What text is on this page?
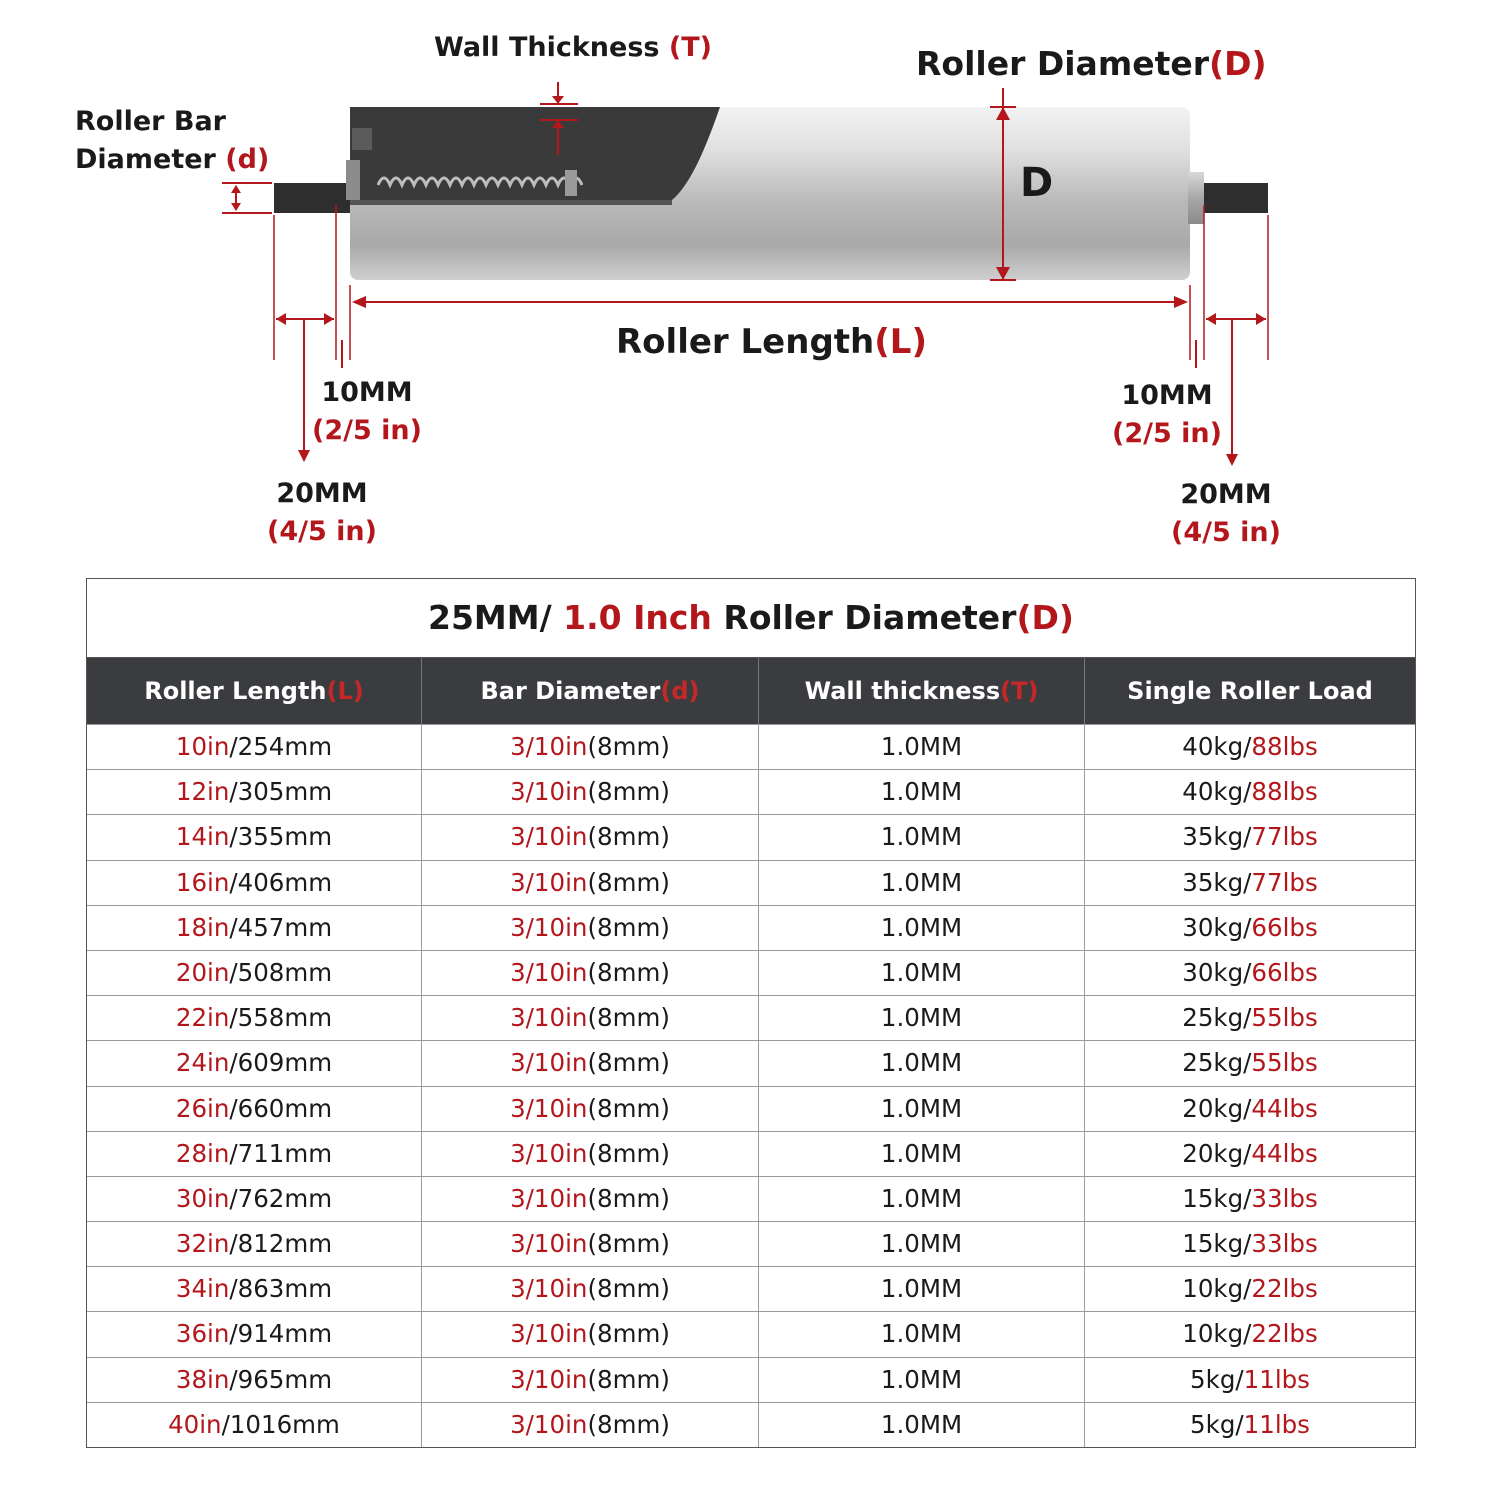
Wall Thickness (T)	Roller Diameter(D)
Roller Bar
Diameter (d)
D
Roller Length(L)
10MM
(2/5 in)
20MM
(4/5 in)
10MM
(2/5 in)
20MM
(4/5 in)
25MM/ 1.0 Inch Roller Diameter(D)
Roller Length(L)	Bar Diameter(d)	Wall thickness(T)	Single Roller Load
10in/254mm	3/10in(8mm)	1.0MM	40kg/88lbs
12in/305mm	3/10in(8mm)	1.0MM	40kg/88lbs
14in/355mm	3/10in(8mm)	1.0MM	35kg/77lbs
16in/406mm	3/10in(8mm)	1.0MM	35kg/77lbs
18in/457mm	3/10in(8mm)	1.0MM	30kg/66lbs
20in/508mm	3/10in(8mm)	1.0MM	30kg/66lbs
22in/558mm	3/10in(8mm)	1.0MM	25kg/55lbs
24in/609mm	3/10in(8mm)	1.0MM	25kg/55lbs
26in/660mm	3/10in(8mm)	1.0MM	20kg/44lbs
28in/711mm	3/10in(8mm)	1.0MM	20kg/44lbs
30in/762mm	3/10in(8mm)	1.0MM	15kg/33lbs
32in/812mm	3/10in(8mm)	1.0MM	15kg/33lbs
34in/863mm	3/10in(8mm)	1.0MM	10kg/22lbs
36in/914mm	3/10in(8mm)	1.0MM	10kg/22lbs
38in/965mm	3/10in(8mm)	1.0MM	5kg/11lbs
40in/1016mm	3/10in(8mm)	1.0MM	5kg/11lbs
